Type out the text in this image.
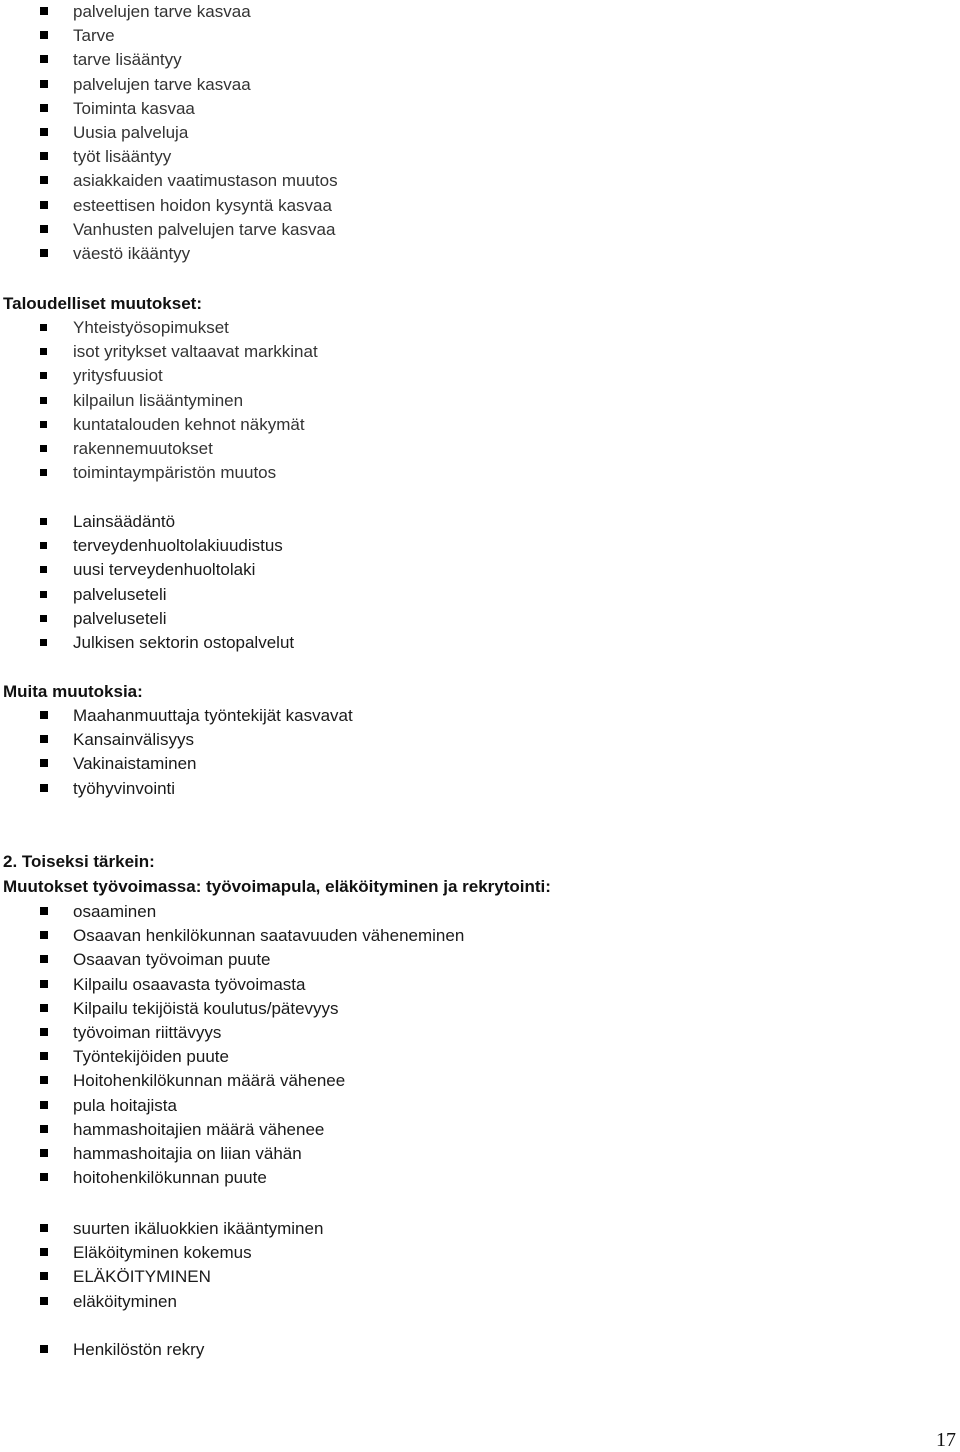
palvelujen tarve kasvaa
Tarve
tarve lisääntyy
palvelujen tarve kasvaa
Toiminta kasvaa
Uusia palveluja
työt lisääntyy
asiakkaiden vaatimustason muutos
esteettisen hoidon kysyntä kasvaa
Vanhusten palvelujen tarve kasvaa
väestö ikääntyy
Taloudelliset muutokset:
Yhteistyösopimukset
isot yritykset valtaavat markkinat
yritysfuusiot
kilpailun lisääntyminen
kuntatalouden kehnot näkymät
rakennemuutokset
toimintaympäristön muutos
Lainsäädäntö
terveydenhuoltolakiuudistus
uusi terveydenhuoltolaki
palveluseteli
palveluseteli
Julkisen sektorin ostopalvelut
Muita muutoksia:
Maahanmuuttaja työntekijät kasvavat
Kansainvälisyys
Vakinaistaminen
työhyvinvointi
2. Toiseksi tärkein:
Muutokset työvoimassa: työvoimapula, eläköityminen ja rekrytointi:
osaaminen
Osaavan henkilökunnan saatavuuden väheneminen
Osaavan työvoiman puute
Kilpailu osaavasta työvoimasta
Kilpailu tekijöistä koulutus/pätevyys
työvoiman riittävyys
Työntekijöiden puute
Hoitohenkilökunnan määrä vähenee
pula hoitajista
hammashoitajien määrä vähenee
hammashoitajia on liian vähän
hoitohenkilökunnan puute
suurten ikäluokkien ikääntyminen
Eläköityminen kokemus
ELÄKÖITYMINEN
eläköityminen
Henkilöstön rekry
17
